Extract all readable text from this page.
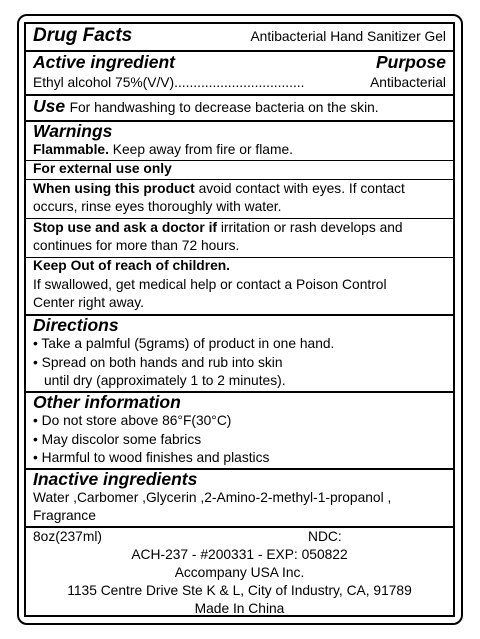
Drug Facts	Antibacterial Hand Sanitizer Gel
Active ingredient	Purpose
Ethyl alcohol 75%(V/V)..................................	Antibacterial
Use For handwashing to decrease bacteria on the skin.
Warnings
Flammable. Keep away from fire or flame.
For external use only
When using this product avoid contact with eyes. If contact
occurs, rinse eyes thoroughly with water.
Stop use and ask a doctor if irritation or rash develops and
continues for more than 72 hours.
Keep Out of reach of children.
If swallowed, get medical help or contact a Poison Control
Center right away.
Directions
• Take a palmful (5grams) of product in one hand.
• Spread on both hands and rub into skin
until dry (approximately 1 to 2 minutes).
Other information
• Do not store above 86°F(30°C)
• May discolor some fabrics
• Harmful to wood finishes and plastics
Inactive ingredients
Water ,Carbomer ,Glycerin ,2-Amino-2-methyl-1-propanol ,
Fragrance
8oz(237ml)	NDC:
ACH-237 - #200331 - EXP: 050822
Accompany USA Inc.
1135 Centre Drive Ste K & L, City of Industry, CA, 91789
Made In China
